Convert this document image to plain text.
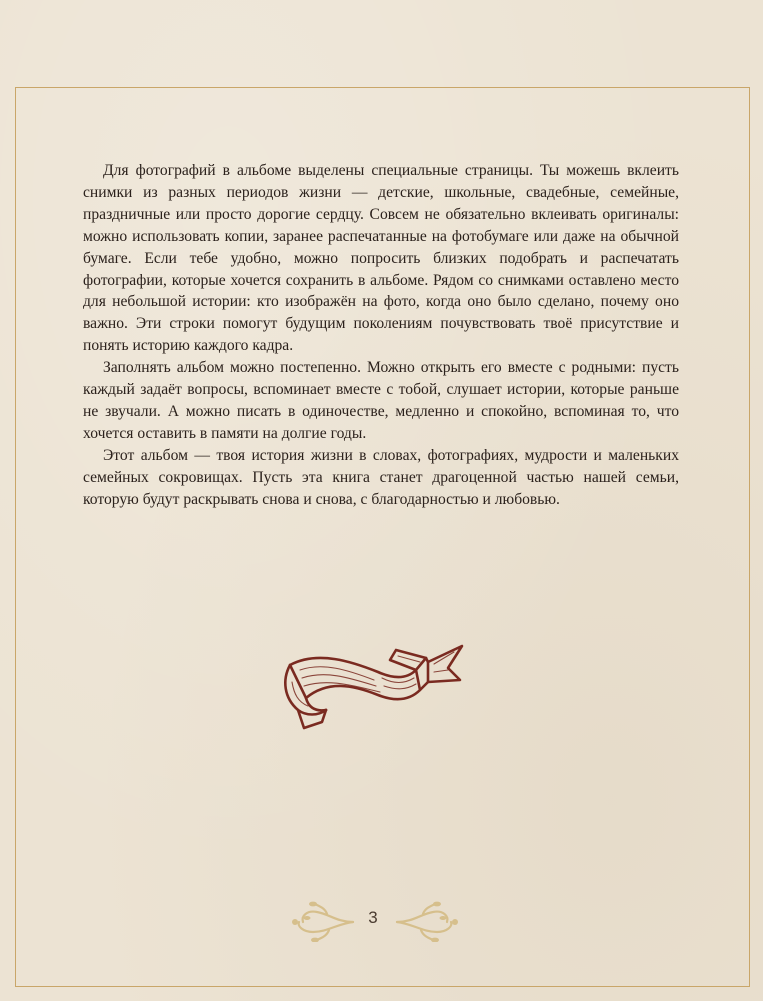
Для фотографий в альбоме выделены специальные страницы. Ты можешь вклеить снимки из разных периодов жизни — детские, школьные, свадебные, семейные, праздничные или просто дорогие сердцу. Совсем не обязательно вклеивать оригиналы: можно использовать копии, заранее распечатанные на фотобумаге или даже на обычной бумаге. Если тебе удобно, можно попросить близких подобрать и распечатать фотографии, которые хочется сохранить в альбоме. Рядом со снимками оставлено место для небольшой истории: кто изображён на фото, когда оно было сделано, почему оно важно. Эти строки помогут будущим поколениям почувствовать твоё присутствие и понять историю каждого кадра.

Заполнять альбом можно постепенно. Можно открыть его вместе с родными: пусть каждый задаёт вопросы, вспоминает вместе с тобой, слушает истории, которые раньше не звучали. А можно писать в одиночестве, медленно и спокойно, вспоминая то, что хочется оставить в памяти на долгие годы.

Этот альбом — твоя история жизни в словах, фотографиях, мудрости и маленьких семейных сокровищах. Пусть эта книга станет драгоценной частью нашей семьи, которую будут раскрывать снова и снова, с благодарностью и любовью.

3
